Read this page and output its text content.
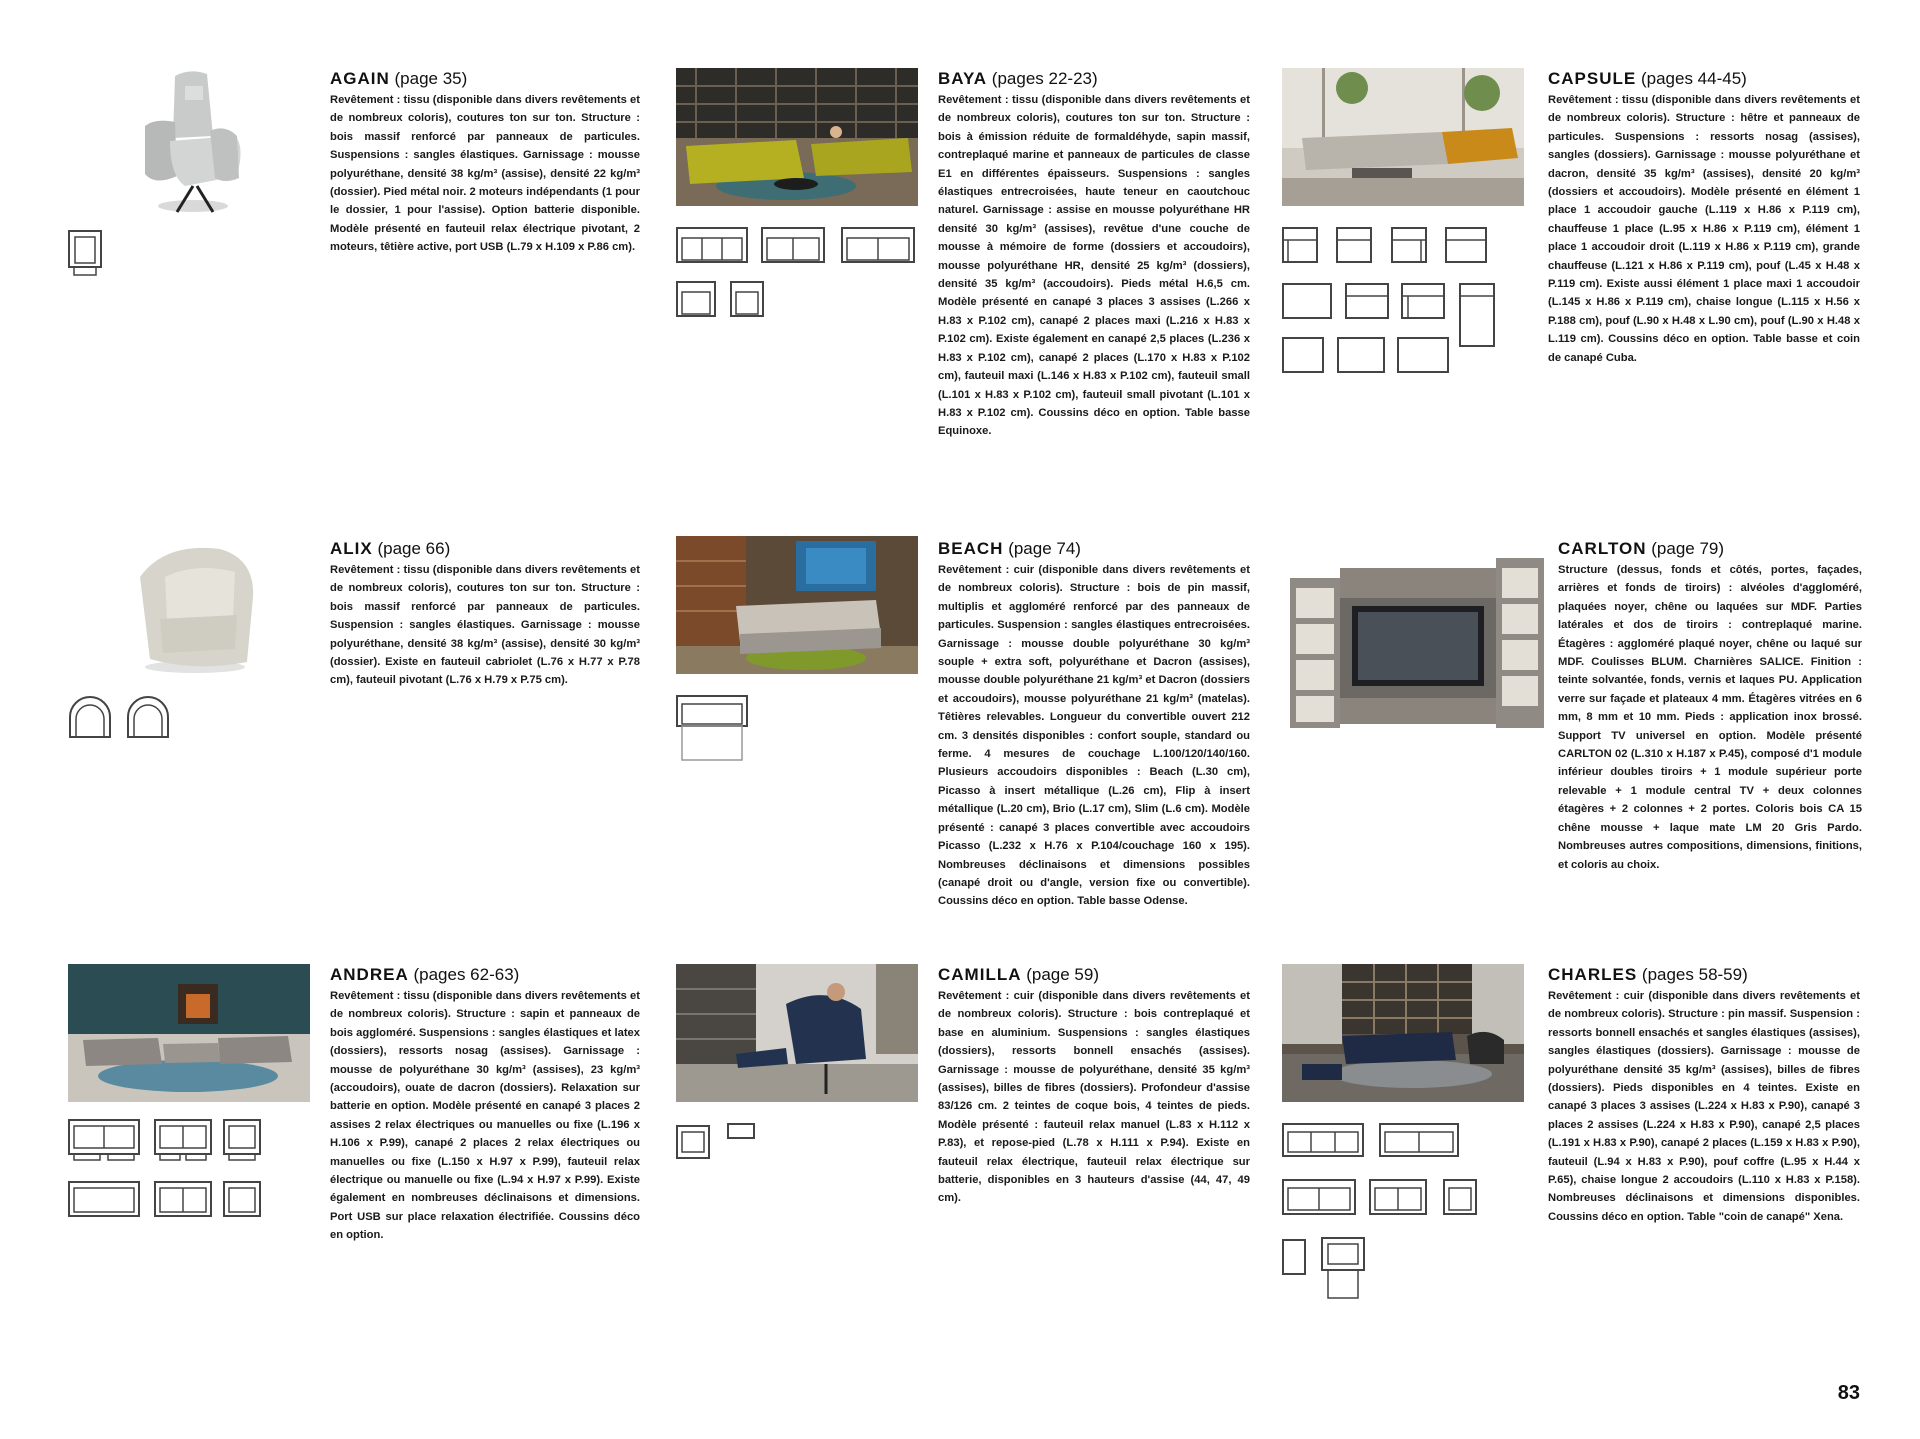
AGAIN (page 35)

Revêtement : tissu (disponible dans divers revêtements et de nombreux coloris), coutures ton sur ton. Structure : bois massif renforcé par panneaux de particules. Suspensions : sangles élastiques. Garnissage : mousse polyuréthane, densité 38 kg/m³ (assise), densité 22 kg/m³ (dossier). Pied métal noir. 2 moteurs indépendants (1 pour le dossier, 1 pour l'assise). Option batterie disponible. Modèle présenté en fauteuil relax électrique pivotant, 2 moteurs, têtière active, port USB (L.79 x H.109 x P.86 cm).

BAYA (pages 22-23)

Revêtement : tissu (disponible dans divers revêtements et de nombreux coloris), coutures ton sur ton. Structure : bois à émission réduite de formaldéhyde, sapin massif, contreplaqué marine et panneaux de particules de classe E1 en différentes épaisseurs. Suspensions : sangles élastiques entrecroisées, haute teneur en caoutchouc naturel. Garnissage : assise en mousse polyuréthane HR densité 30 kg/m³ (assises), revêtue d'une couche de mousse à mémoire de forme (dossiers et accoudoirs), mousse polyuréthane HR, densité 25 kg/m³ (dossiers), densité 35 kg/m³ (accoudoirs). Pieds métal H.6,5 cm. Modèle présenté en canapé 3 places 3 assises (L.266 x H.83 x P.102 cm), canapé 2 places maxi (L.216 x H.83 x P.102 cm). Existe également en canapé 2,5 places (L.236 x H.83 x P.102 cm), canapé 2 places (L.170 x H.83 x P.102 cm), fauteuil maxi (L.146 x H.83 x P.102 cm), fauteuil small (L.101 x H.83 x P.102 cm), fauteuil small pivotant (L.101 x H.83 x P.102 cm). Coussins déco en option. Table basse Equinoxe.

CAPSULE (pages 44-45)

Revêtement : tissu (disponible dans divers revêtements et de nombreux coloris). Structure : hêtre et panneaux de particules. Suspensions : ressorts nosag (assises), sangles (dossiers). Garnissage : mousse polyuréthane et dacron, densité 35 kg/m³ (assises), densité 20 kg/m³ (dossiers et accoudoirs). Modèle présenté en élément 1 place 1 accoudoir gauche (L.119 x H.86 x P.119 cm), chauffeuse 1 place (L.95 x H.86 x P.119 cm), élément 1 place 1 accoudoir droit (L.119 x H.86 x P.119 cm), grande chauffeuse (L.121 x H.86 x P.119 cm), pouf (L.45 x H.48 x P.119 cm). Existe aussi élément 1 place maxi 1 accoudoir (L.145 x H.86 x P.119 cm), chaise longue (L.115 x H.56 x P.188 cm), pouf (L.90 x H.48 x L.90 cm), pouf (L.90 x H.48 x L.119 cm). Coussins déco en option. Table basse et coin de canapé Cuba.

ALIX (page 66)

Revêtement : tissu (disponible dans divers revêtements et de nombreux coloris), coutures ton sur ton. Structure : bois massif renforcé par panneaux de particules. Suspension : sangles élastiques. Garnissage : mousse polyuréthane, densité 38 kg/m³ (assise), densité 30 kg/m³ (dossier). Existe en fauteuil cabriolet (L.76 x H.77 x P.78 cm), fauteuil pivotant (L.76 x H.79 x P.75 cm).

BEACH (page 74)

Revêtement : cuir (disponible dans divers revêtements et de nombreux coloris). Structure : bois de pin massif, multiplis et aggloméré renforcé par des panneaux de particules. Suspension : sangles élastiques entrecroisées. Garnissage : mousse double polyuréthane 30 kg/m³ souple + extra soft, polyuréthane et Dacron (assises), mousse double polyuréthane 21 kg/m³ et Dacron (dossiers et accoudoirs), mousse polyuréthane 21 kg/m³ (matelas). Têtières relevables. Longueur du convertible ouvert 212 cm. 3 densités disponibles : confort souple, standard ou ferme. 4 mesures de couchage L.100/120/140/160. Plusieurs accoudoirs disponibles : Beach (L.30 cm), Picasso à insert métallique (L.26 cm), Flip à insert métallique (L.20 cm), Brio (L.17 cm), Slim (L.6 cm). Modèle présenté : canapé 3 places convertible avec accoudoirs Picasso (L.232 x H.76 x P.104/couchage 160 x 195). Nombreuses déclinaisons et dimensions possibles (canapé droit ou d'angle, version fixe ou convertible). Coussins déco en option. Table basse Odense.

CARLTON (page 79)

Structure (dessus, fonds et côtés, portes, façades, arrières et fonds de tiroirs) : alvéoles d'aggloméré, plaquées noyer, chêne ou laquées sur MDF. Parties latérales et dos de tiroirs : contreplaqué marine. Étagères : aggloméré plaqué noyer, chêne ou laqué sur MDF. Coulisses BLUM. Charnières SALICE. Finition : teinte solvantée, fonds, vernis et laques PU. Application verre sur façade et plateaux 4 mm. Étagères vitrées en 6 mm, 8 mm et 10 mm. Pieds : application inox brossé. Support TV universel en option. Modèle présenté CARLTON 02 (L.310 x H.187 x P.45), composé d'1 module inférieur doubles tiroirs + 1 module supérieur porte relevable + 1 module central TV + deux colonnes étagères + 2 colonnes + 2 portes. Coloris bois CA 15 chêne mousse + laque mate LM 20 Gris Pardo. Nombreuses autres compositions, dimensions, finitions, et coloris au choix.

ANDREA (pages 62-63)

Revêtement : tissu (disponible dans divers revêtements et de nombreux coloris). Structure : sapin et panneaux de bois aggloméré. Suspensions : sangles élastiques et latex (dossiers), ressorts nosag (assises). Garnissage : mousse de polyuréthane 30 kg/m³ (assises), 23 kg/m³ (accoudoirs), ouate de dacron (dossiers). Relaxation sur batterie en option. Modèle présenté en canapé 3 places 2 assises 2 relax électriques ou manuelles ou fixe (L.196 x H.106 x P.99), canapé 2 places 2 relax électriques ou manuelles ou fixe (L.150 x H.97 x P.99), fauteuil relax électrique ou manuelle ou fixe (L.94 x H.97 x P.99). Existe également en nombreuses déclinaisons et dimensions. Port USB sur place relaxation électrifiée. Coussins déco en option.

CAMILLA (page 59)

Revêtement : cuir (disponible dans divers revêtements et de nombreux coloris). Structure : bois contreplaqué et base en aluminium. Suspensions : sangles élastiques (dossiers), ressorts bonnell ensachés (assises). Garnissage : mousse de polyuréthane, densité 35 kg/m³ (assises), billes de fibres (dossiers). Profondeur d'assise 83/126 cm. 2 teintes de coque bois, 4 teintes de pieds. Modèle présenté : fauteuil relax manuel (L.83 x H.112 x P.83), et repose-pied (L.78 x H.111 x P.94). Existe en fauteuil relax électrique, fauteuil relax électrique sur batterie, disponibles en 3 hauteurs d'assise (44, 47, 49 cm).

CHARLES (pages 58-59)

Revêtement : cuir (disponible dans divers revêtements et de nombreux coloris). Structure : pin massif. Suspension : ressorts bonnell ensachés et sangles élastiques (assises), sangles élastiques (dossiers). Garnissage : mousse de polyuréthane densité 35 kg/m³ (assises), billes de fibres (dossiers). Pieds disponibles en 4 teintes. Existe en canapé 3 places 3 assises (L.224 x H.83 x P.90), canapé 3 places 2 assises (L.224 x H.83 x P.90), canapé 2,5 places (L.191 x H.83 x P.90), canapé 2 places (L.159 x H.83 x P.90), fauteuil (L.94 x H.83 x P.90), pouf coffre (L.95 x H.44 x P.65), chaise longue 2 accoudoirs (L.110 x H.83 x P.158). Nombreuses déclinaisons et dimensions disponibles. Coussins déco en option. Table "coin de canapé" Xena.

83
